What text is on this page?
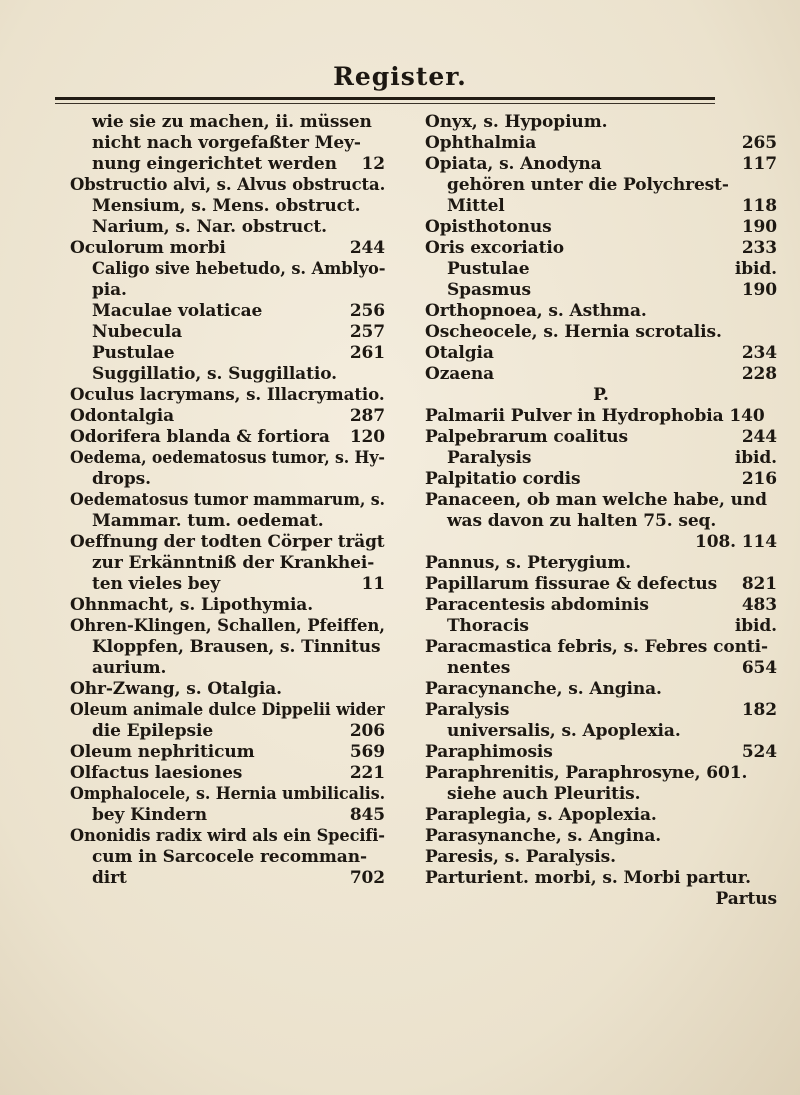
Register.
wie sie zu machen, ii. müssen
nicht nach vorgefaßter Mey-
nung eingerichtet werden 12
Obstructio alvi, s. Alvus obstructa.
Mensium, s. Mens. obstruct.
Narium, s. Nar. obstruct.
Oculorum morbi	244
Caligo sive hebetudo, s. Amblyo-
pia.
Maculae volaticae	256
Nubecula	257
Pustulae	261
Suggillatio, s. Suggillatio.
Oculus lacrymans, s. Illacrymatio.
Odontalgia	287
Odorifera blanda & fortiora 120
Oedema, oedematosus tumor, s. Hy-
drops.
Oedematosus tumor mammarum, s.
Mammar. tum. oedemat.
Oeffnung der todten Cörper trägt
zur Erkänntniß der Krankhei-
ten vieles bey	11
Ohnmacht, s. Lipothymia.
Ohren-Klingen, Schallen, Pfeiffen,
Kloppfen, Brausen, s. Tinnitus
aurium.
Ohr-Zwang, s. Otalgia.
Oleum animale dulce Dippelii wider
die Epilepsie	206
Oleum nephriticum	569
Olfactus laesiones	221
Omphalocele, s. Hernia umbilicalis.
bey Kindern	845
Ononidis radix wird als ein Specifi-
cum in Sarcocele recomman-
dirt	702
Onyx, s. Hypopium.
Ophthalmia	265
Opiata, s. Anodyna	117
gehören unter die Polychrest-
Mittel	118
Opisthotonus	190
Oris excoriatio	233
Pustulae	ibid.
Spasmus	190
Orthopnoea, s. Asthma.
Oscheocele, s. Hernia scrotalis.
Otalgia	234
Ozaena	228
P.
Palmarii Pulver in Hydrophobia 140
Palpebrarum coalitus	244
Paralysis	ibid.
Palpitatio cordis	216
Panaceen, ob man welche habe, und
was davon zu halten 75. seq.
108. 114
Pannus, s. Pterygium.
Papillarum fissurae & defectus 821
Paracentesis abdominis	483
Thoracis	ibid.
Paracmastica febris, s. Febres conti-
nentes	654
Paracynanche, s. Angina.
Paralysis	182
universalis, s. Apoplexia.
Paraphimosis	524
Paraphrenitis, Paraphrosyne, 601.
siehe auch Pleuritis.
Paraplegia, s. Apoplexia.
Parasynanche, s. Angina.
Paresis, s. Paralysis.
Parturient. morbi, s. Morbi partur.
Partus
